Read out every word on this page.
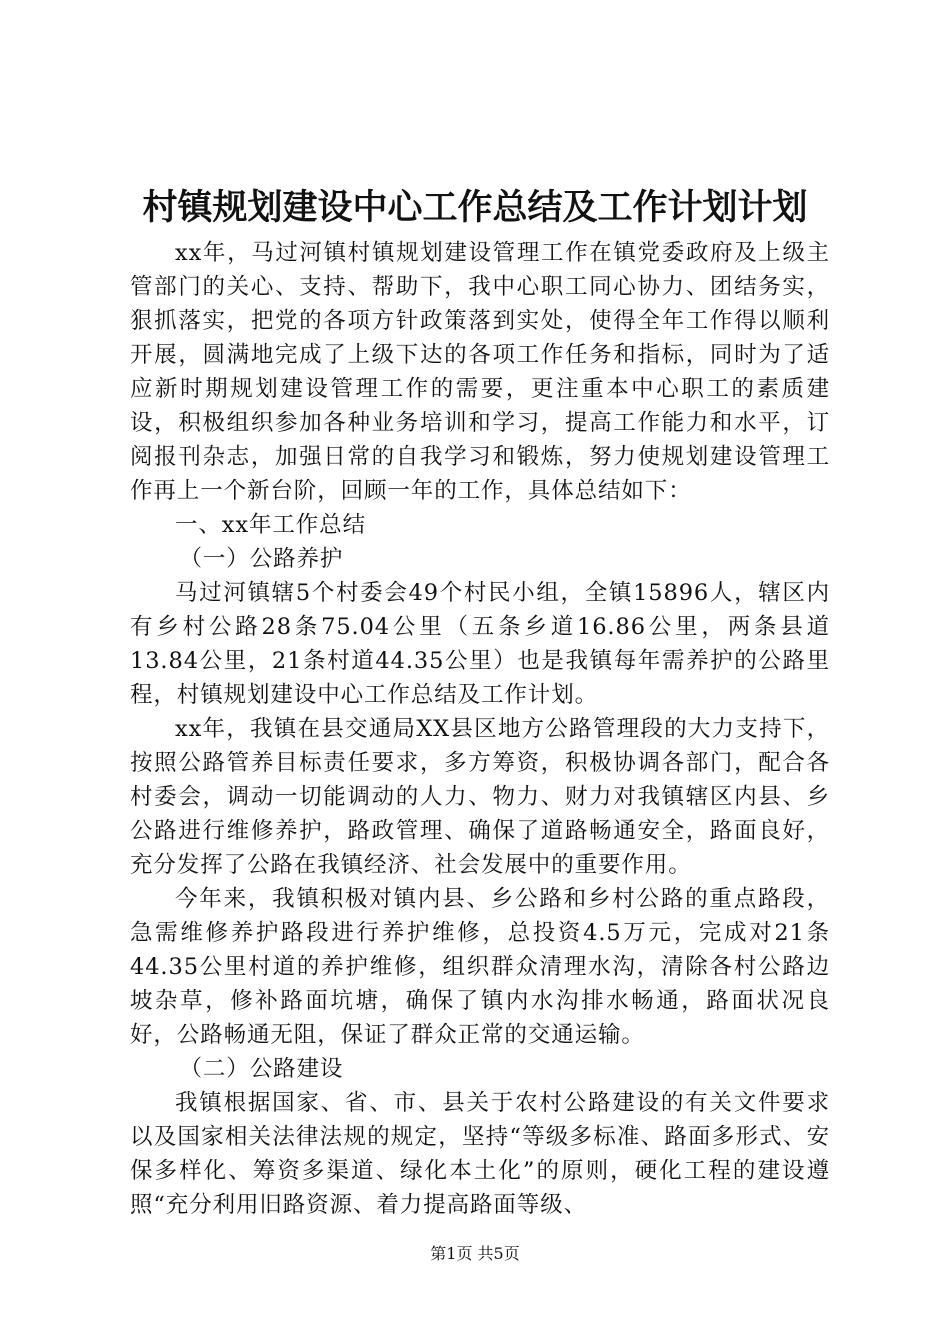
村镇规划建设中心工作总结及工作计划计划

xx年，马过河镇村镇规划建设管理工作在镇党委政府及上级主管部门的关心、支持、帮助下，我中心职工同心协力、团结务实，狠抓落实，把党的各项方针政策落到实处，使得全年工作得以顺利开展，圆满地完成了上级下达的各项工作任务和指标，同时为了适应新时期规划建设管理工作的需要，更注重本中心职工的素质建设，积极组织参加各种业务培训和学习，提高工作能力和水平，订阅报刊杂志，加强日常的自我学习和锻炼，努力使规划建设管理工作再上一个新台阶，回顾一年的工作，具体总结如下：

一、xx年工作总结

（一）公路养护

马过河镇辖5个村委会49个村民小组，全镇15896人，辖区内有乡村公路28条75.04公里（五条乡道16.86公里，两条县道13.84公里，21条村道44.35公里）也是我镇每年需养护的公路里程，村镇规划建设中心工作总结及工作计划。

xx年，我镇在县交通局XX县区地方公路管理段的大力支持下，按照公路管养目标责任要求，多方筹资，积极协调各部门，配合各村委会，调动一切能调动的人力、物力、财力对我镇辖区内县、乡公路进行维修养护，路政管理、确保了道路畅通安全，路面良好，充分发挥了公路在我镇经济、社会发展中的重要作用。

今年来，我镇积极对镇内县、乡公路和乡村公路的重点路段，急需维修养护路段进行养护维修，总投资4.5万元，完成对21条44.35公里村道的养护维修，组织群众清理水沟，清除各村公路边坡杂草，修补路面坑塘，确保了镇内水沟排水畅通，路面状况良好，公路畅通无阻，保证了群众正常的交通运输。

（二）公路建设

我镇根据国家、省、市、县关于农村公路建设的有关文件要求以及国家相关法律法规的规定，坚持“等级多标准、路面多形式、安保多样化、筹资多渠道、绿化本土化”的原则，硬化工程的建设遵照“充分利用旧路资源、着力提高路面等级、

第1页 共5页
